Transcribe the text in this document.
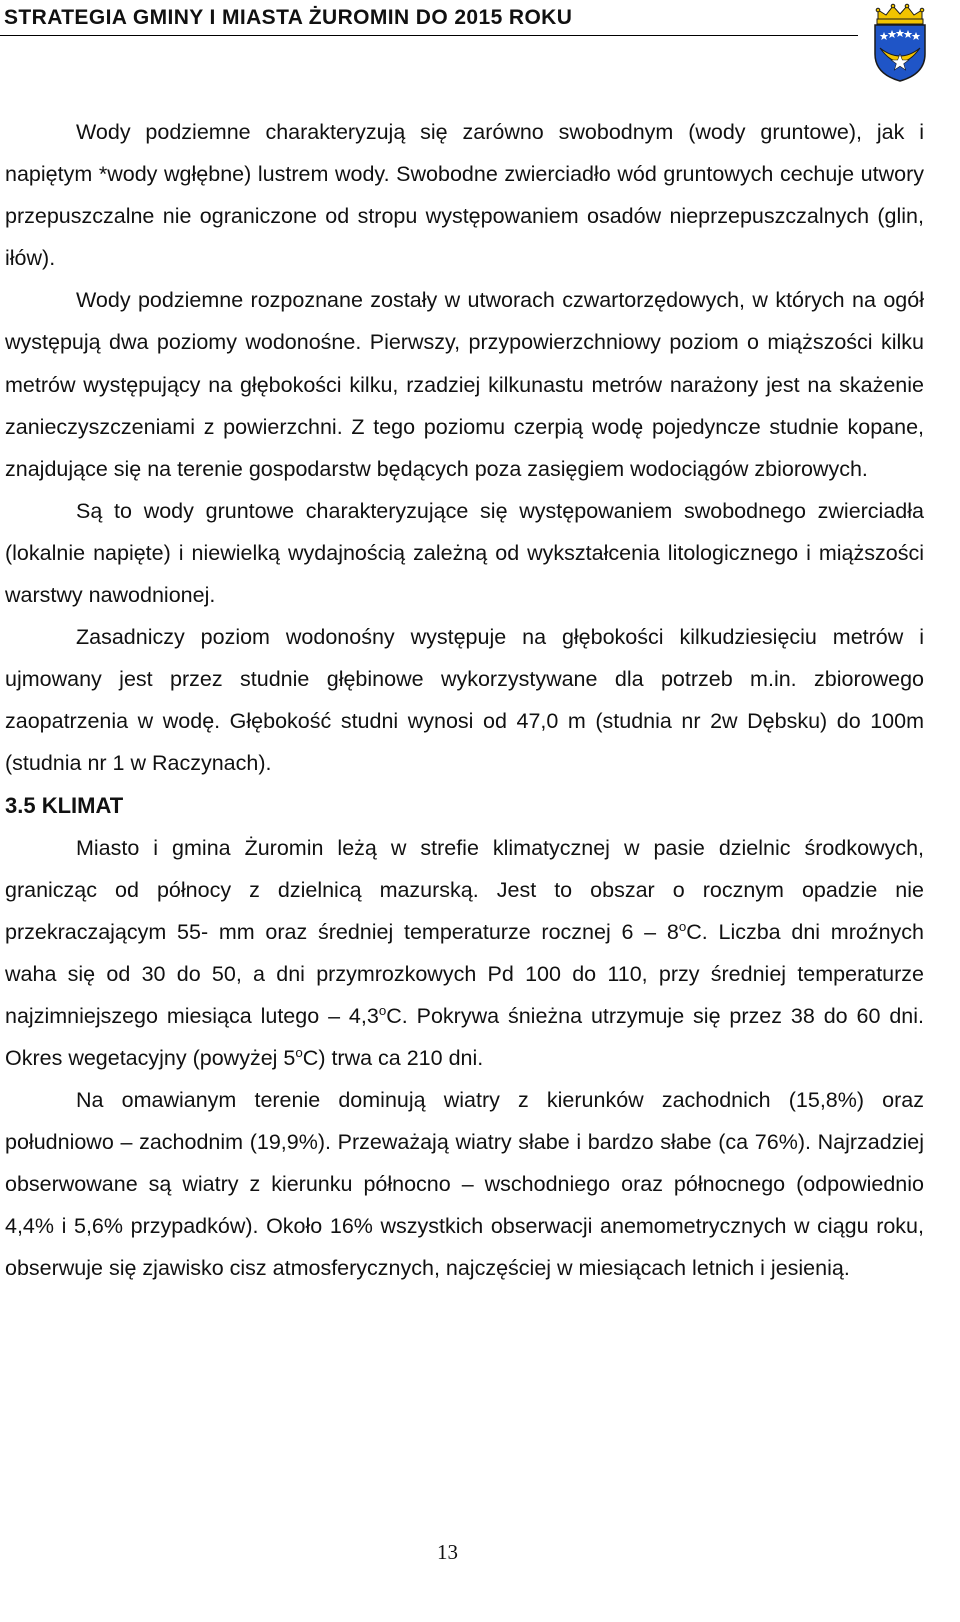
STRATEGIA GMINY I MIASTA ŻUROMIN DO 2015 ROKU

Wody podziemne charakteryzują się zarówno swobodnym (wody gruntowe), jak i napiętym *wody wgłębne) lustrem wody. Swobodne zwierciadło wód gruntowych cechuje utwory przepuszczalne nie ograniczone od stropu występowaniem osadów nieprzepuszczalnych (glin, iłów).

Wody podziemne rozpoznane zostały w utworach czwartorzędowych, w których na ogół występują dwa poziomy wodonośne. Pierwszy, przypowierzchniowy poziom o miąższości kilku metrów występujący na głębokości kilku, rzadziej kilkunastu metrów narażony jest na skażenie zanieczyszczeniami z powierzchni. Z tego poziomu czerpią wodę pojedyncze studnie kopane, znajdujące się na terenie gospodarstw będących poza zasięgiem wodociągów zbiorowych.

Są to wody gruntowe charakteryzujące się występowaniem swobodnego zwierciadła (lokalnie napięte) i niewielką wydajnością zależną od wykształcenia litologicznego i miąższości warstwy nawodnionej.

Zasadniczy poziom wodonośny występuje na głębokości kilkudziesięciu metrów i ujmowany jest przez studnie głębinowe wykorzystywane dla potrzeb m.in. zbiorowego zaopatrzenia w wodę. Głębokość studni wynosi od 47,0 m (studnia nr 2w Dębsku) do 100m (studnia nr 1 w Raczynach).

3.5 KLIMAT

Miasto i gmina Żuromin leżą w strefie klimatycznej w pasie dzielnic środkowych, granicząc od północy z dzielnicą mazurską. Jest to obszar o rocznym opadzie nie przekraczającym 55- mm oraz średniej temperaturze rocznej 6 – 8$^o$C. Liczba dni mroźnych waha się od 30 do 50, a dni przymrozkowych Pd 100 do 110, przy średniej temperaturze najzimniejszego miesiąca lutego – 4,3$^o$C. Pokrywa śnieżna utrzymuje się przez 38 do 60 dni. Okres wegetacyjny (powyżej 5$^o$C) trwa ca 210 dni.

Na omawianym terenie dominują wiatry z kierunków zachodnich (15,8%) oraz południowo – zachodnim (19,9%). Przeważają wiatry słabe i bardzo słabe (ca 76%). Najrzadziej obserwowane są wiatry z kierunku północno – wschodniego oraz północnego (odpowiednio 4,4% i 5,6% przypadków). Około 16% wszystkich obserwacji anemometrycznych w ciągu roku, obserwuje się zjawisko cisz atmosferycznych, najczęściej w miesiącach letnich i jesienią.

13
